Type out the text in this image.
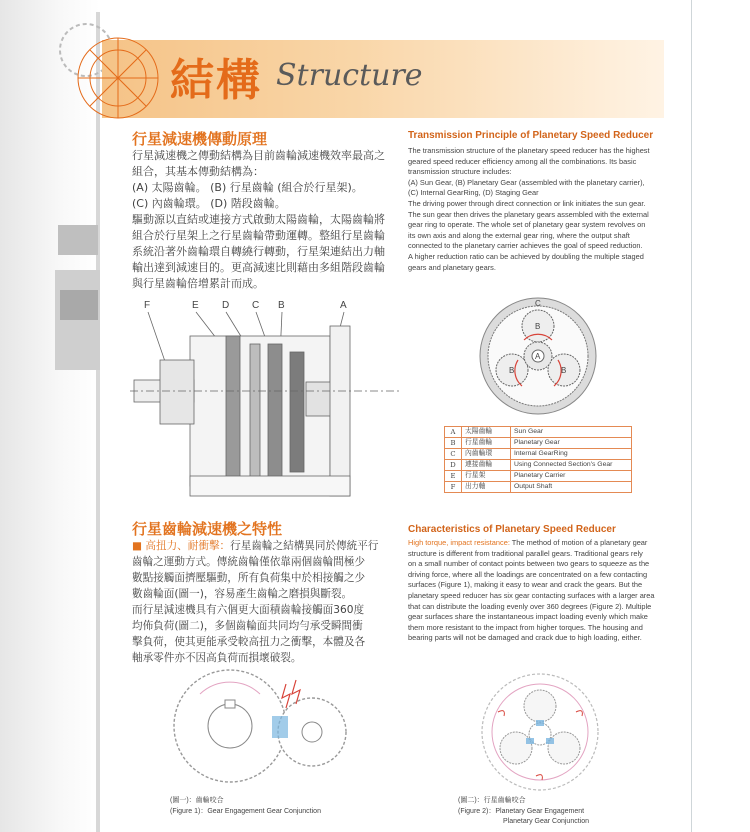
結構 Structure
行星減速機傳動原理

行星減速機之傳動結構為目前齒輪減速機效率最高之

組合，其基本傳動結構為：

(A) 太陽齒輪。 (B) 行星齒輪 (組合於行星架)。

(C) 內齒輪環。 (D) 階段齒輪。

驅動源以直結或連接方式啟動太陽齒輪，太陽齒輪將

組合於行星架上之行星齒輪帶動運轉。整組行星齒輪

系統沿著外齒輪環自轉繞行轉動，行星架連結出力軸

輸出達到減速目的。更高減速比則藉由多組階段齒輪

與行星齒輪倍增累計而成。

Transmission Principle of Planetary Speed Reducer

The transmission structure of the planetary speed reducer has the highest

geared speed reducer efficiency among all the combinations. Its basic

transmission structure includes:

(A) Sun Gear, (B) Planetary Gear (assembled with the planetary carrier),

(C) Internal GearRing, (D) Staging Gear

The driving power through direct connection or link initiates the sun gear.

The sun gear then drives the planetary gears assembled with the external

gear ring to operate. The whole set of planetary gear system revolves on

its own axis and along the external gear ring, where the output shaft

connected to the planetary carrier achieves the goal of speed reduction.

A higher reduction ratio can be achieved by doubling the multiple staged

gears and planetary gears.

F	E D C B	A	C
B
A
B	B
A	太陽齒輪	Sun Gear
B	行星齒輪	Planetary Gear
C	內齒輪環	Internal GearRing
D	連接齒輪	Using Connected Section's Gear
E	行星架	Planetary Carrier
F	出力軸	Output Shaft
行星齒輪減速機之特性

■ 高扭力、耐衝擊：行星齒輪之結構異同於傳統平行

齒輪之運動方式。傳統齒輪僅依靠兩個齒輪間極少

數點接觸面擠壓驅動，所有負荷集中於相接觸之少

數齒輪面(圖一)，容易產生齒輪之磨損與斷裂。

而行星減速機具有六個更大面積齒輪接觸面360度

均佈負荷(圖二)，多個齒輪面共同均勻承受瞬間衝

擊負荷，使其更能承受較高扭力之衝擊，本體及各

軸承零件亦不因高負荷而損壞破裂。

Characteristics of Planetary Speed Reducer

High torque, impact resistance: The method of motion of a planetary gear

structure is different from traditional parallel gears. Traditional gears rely

on a small number of contact points between two gears to squeeze as the

driving force, where all the loadings are concentrated on a few contacting

surfaces (Figure 1), making it easy to wear and crack the gears. But the

planetary speed reducer has six gear contacting surfaces with a larger area

that can distribute the loading evenly over 360 degrees (Figure 2). Multiple

gear surfaces share the instantaneous impact loading evenly which make

them more resistant to the impact from higher torques. The housing and

bearing parts will not be damaged and crack due to high loading, either.

(圖一)：齒輪咬合
(Figure 1)：Gear Engagement Gear Conjunction
(圖二)：行星齒輪咬合
(Figure 2)：Planetary Gear Engagement
Planetary Gear Conjunction
